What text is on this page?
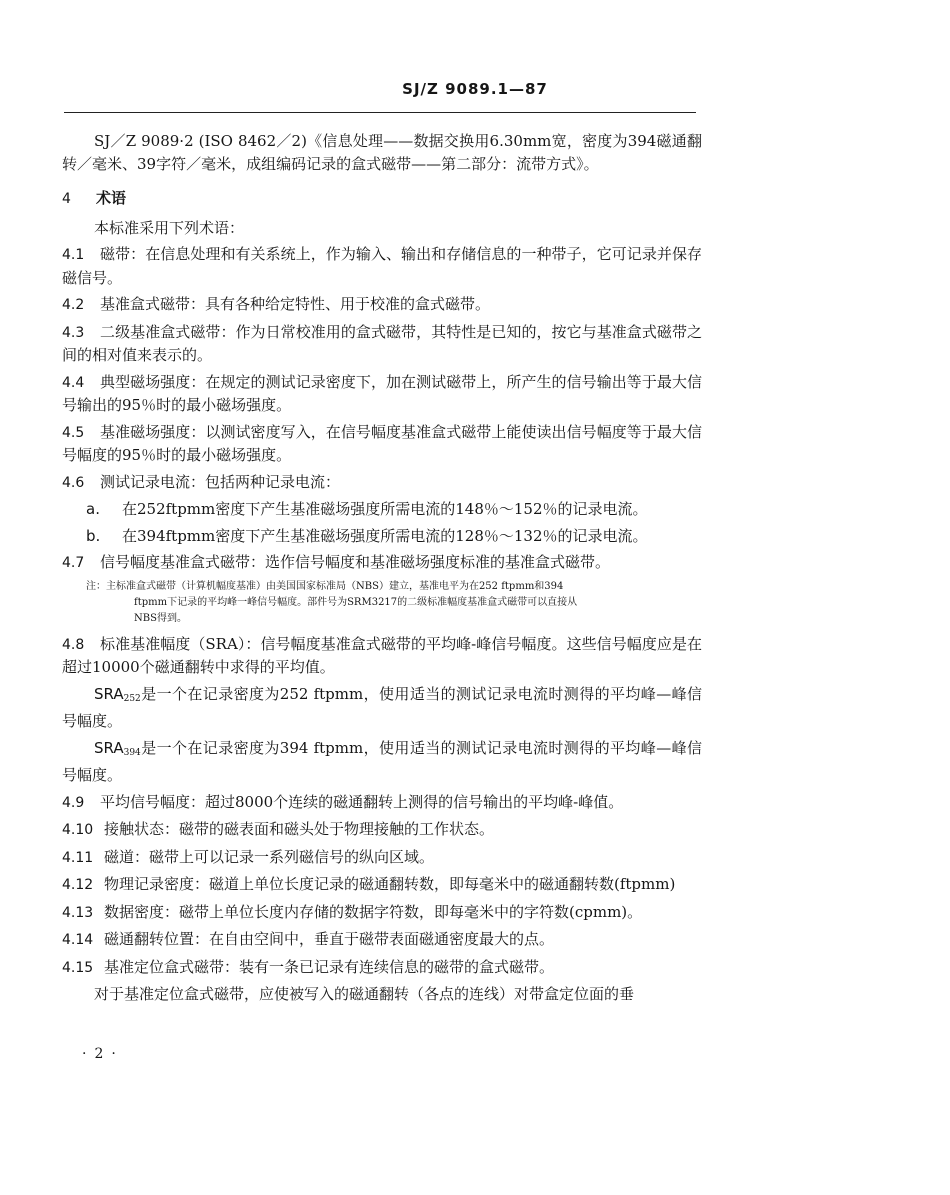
SJ/Z 9089.1—87

SJ／Z 9089·2 (ISO 8462／2)《信息处理——数据交换用6.30mm宽，密度为394磁通翻转／毫米、39字符／毫米，成组编码记录的盒式磁带——第二部分：流带方式》。

4 术语

本标准采用下列术语：

4.1 磁带：在信息处理和有关系统上，作为输入、输出和存储信息的一种带子，它可记录并保存磁信号。

4.2 基准盒式磁带：具有各种给定特性、用于校准的盒式磁带。

4.3 二级基准盒式磁带：作为日常校准用的盒式磁带，其特性是已知的，按它与基准盒式磁带之间的相对值来表示的。

4.4 典型磁场强度：在规定的测试记录密度下，加在测试磁带上，所产生的信号输出等于最大信号输出的95％时的最小磁场强度。

4.5 基准磁场强度：以测试密度写入，在信号幅度基准盒式磁带上能使读出信号幅度等于最大信号幅度的95％时的最小磁场强度。

4.6 测试记录电流：包括两种记录电流：

a. 在252ftpmm密度下产生基准磁场强度所需电流的148％～152％的记录电流。
b. 在394ftpmm密度下产生基准磁场强度所需电流的128％～132％的记录电流。

4.7 信号幅度基准盒式磁带：选作信号幅度和基准磁场强度标准的基准盒式磁带。

注：主标准盒式磁带（计算机幅度基准）由美国国家标准局（NBS）建立，基准电平为在252 ftpmm和394
ftpmm下记录的平均峰一峰信号幅度。部件号为SRM3217的二级标准幅度基准盒式磁带可以直接从
NBS得到。

4.8 标准基准幅度（SRA）：信号幅度基准盒式磁带的平均峰-峰信号幅度。这些信号幅度应是在超过10000个磁通翻转中求得的平均值。

SRA252是一个在记录密度为252 ftpmm，使用适当的测试记录电流时测得的平均峰—峰信号幅度。

SRA394是一个在记录密度为394 ftpmm，使用适当的测试记录电流时测得的平均峰—峰信号幅度。

4.9 平均信号幅度：超过8000个连续的磁通翻转上测得的信号输出的平均峰-峰值。

4.10 接触状态：磁带的磁表面和磁头处于物理接触的工作状态。

4.11 磁道：磁带上可以记录一系列磁信号的纵向区域。

4.12 物理记录密度：磁道上单位长度记录的磁通翻转数，即每毫米中的磁通翻转数(ftpmm)

4.13 数据密度：磁带上单位长度内存储的数据字符数，即每毫米中的字符数(cpmm)。

4.14 磁通翻转位置：在自由空间中，垂直于磁带表面磁通密度最大的点。

4.15 基准定位盒式磁带：装有一条已记录有连续信息的磁带的盒式磁带。

对于基准定位盒式磁带，应使被写入的磁通翻转（各点的连线）对带盒定位面的垂

·2·
